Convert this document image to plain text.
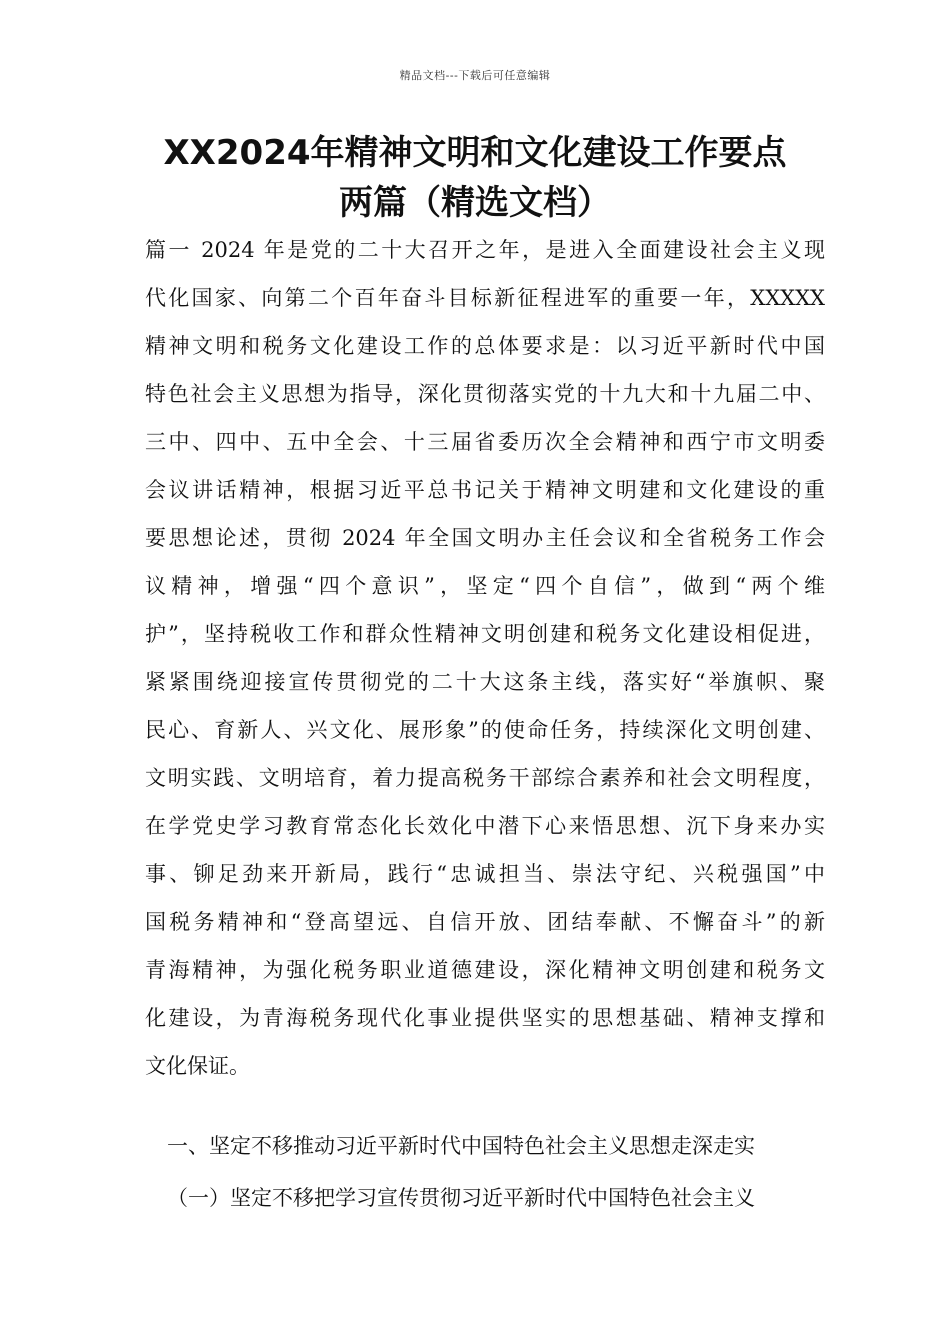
精品文档---下载后可任意编辑
XX2024年精神文明和文化建设工作要点
两篇（精选文档）
篇一 2024 年是党的二十大召开之年，是进入全面建设社会主义现
代化国家、向第二个百年奋斗目标新征程进军的重要一年，XXXXX
精神文明和税务文化建设工作的总体要求是：以习近平新时代中国
特色社会主义思想为指导，深化贯彻落实党的十九大和十九届二中、
三中、四中、五中全会、十三届省委历次全会精神和西宁市文明委
会议讲话精神，根据习近平总书记关于精神文明建和文化建设的重
要思想论述，贯彻 2024 年全国文明办主任会议和全省税务工作会
议精神，增强“四个意识”，坚定“四个自信”，做到“两个维
护”，坚持税收工作和群众性精神文明创建和税务文化建设相促进，
紧紧围绕迎接宣传贯彻党的二十大这条主线，落实好“举旗帜、聚
民心、育新人、兴文化、展形象”的使命任务，持续深化文明创建、
文明实践、文明培育，着力提高税务干部综合素养和社会文明程度，
在学党史学习教育常态化长效化中潜下心来悟思想、沉下身来办实
事、铆足劲来开新局，践行“忠诚担当、崇法守纪、兴税强国”中
国税务精神和“登高望远、自信开放、团结奉献、不懈奋斗”的新
青海精神，为强化税务职业道德建设，深化精神文明创建和税务文
化建设，为青海税务现代化事业提供坚实的思想基础、精神支撑和
文化保证。
一、坚定不移推动习近平新时代中国特色社会主义思想走深走实
（一）坚定不移把学习宣传贯彻习近平新时代中国特色社会主义
